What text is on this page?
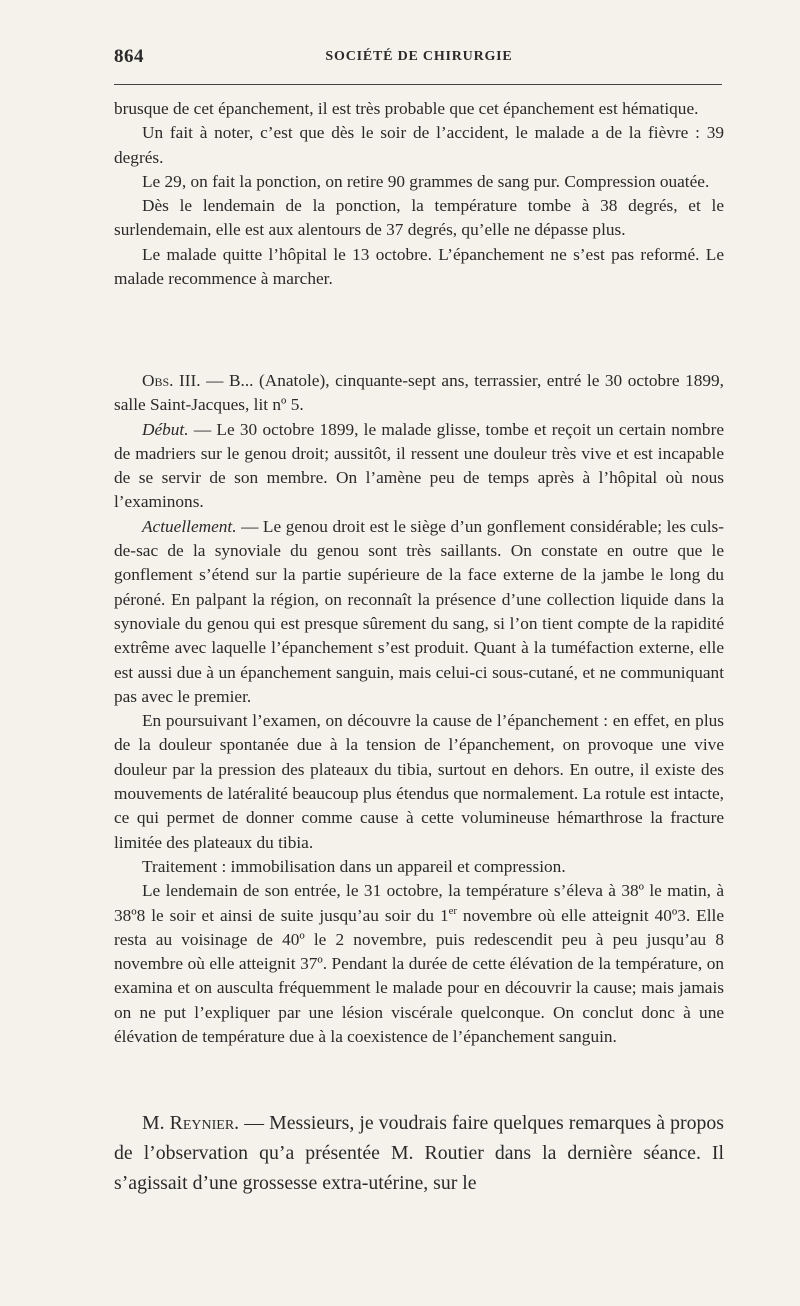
864	SOCIÉTÉ DE CHIRURGIE

brusque de cet épanchement, il est très probable que cet épanchement est hématique.

Un fait à noter, c’est que dès le soir de l’accident, le malade a de la fièvre : 39 degrés.

Le 29, on fait la ponction, on retire 90 grammes de sang pur. Compression ouatée.

Dès le lendemain de la ponction, la température tombe à 38 degrés, et le surlendemain, elle est aux alentours de 37 degrés, qu’elle ne dépasse plus.

Le malade quitte l’hôpital le 13 octobre. L’épanchement ne s’est pas reformé. Le malade recommence à marcher.

Obs. III. — B... (Anatole), cinquante-sept ans, terrassier, entré le 30 octobre 1899, salle Saint-Jacques, lit nº 5.

Début. — Le 30 octobre 1899, le malade glisse, tombe et reçoit un certain nombre de madriers sur le genou droit; aussitôt, il ressent une douleur très vive et est incapable de se servir de son membre. On l’amène peu de temps après à l’hôpital où nous l’examinons.

Actuellement. — Le genou droit est le siège d’un gonflement considérable; les culs-de-sac de la synoviale du genou sont très saillants. On constate en outre que le gonflement s’étend sur la partie supérieure de la face externe de la jambe le long du péroné. En palpant la région, on reconnaît la présence d’une collection liquide dans la synoviale du genou qui est presque sûrement du sang, si l’on tient compte de la rapidité extrême avec laquelle l’épanchement s’est produit. Quant à la tuméfaction externe, elle est aussi due à un épanchement sanguin, mais celui-ci sous-cutané, et ne communiquant pas avec le premier.

En poursuivant l’examen, on découvre la cause de l’épanchement : en effet, en plus de la douleur spontanée due à la tension de l’épanchement, on provoque une vive douleur par la pression des plateaux du tibia, surtout en dehors. En outre, il existe des mouvements de latéralité beaucoup plus étendus que normalement. La rotule est intacte, ce qui permet de donner comme cause à cette volumineuse hémarthrose la fracture limitée des plateaux du tibia.

Traitement : immobilisation dans un appareil et compression.

Le lendemain de son entrée, le 31 octobre, la température s’éleva à 38º le matin, à 38º8 le soir et ainsi de suite jusqu’au soir du 1er novembre où elle atteignit 40º3. Elle resta au voisinage de 40º le 2 novembre, puis redescendit peu à peu jusqu’au 8 novembre où elle atteignit 37º. Pendant la durée de cette élévation de la température, on examina et on ausculta fréquemment le malade pour en découvrir la cause; mais jamais on ne put l’expliquer par une lésion viscérale quelconque. On conclut donc à une élévation de température due à la coexistence de l’épanchement sanguin.

M. Reynier. — Messieurs, je voudrais faire quelques remarques à propos de l’observation qu’a présentée M. Routier dans la dernière séance. Il s’agissait d’une grossesse extra-utérine, sur le
